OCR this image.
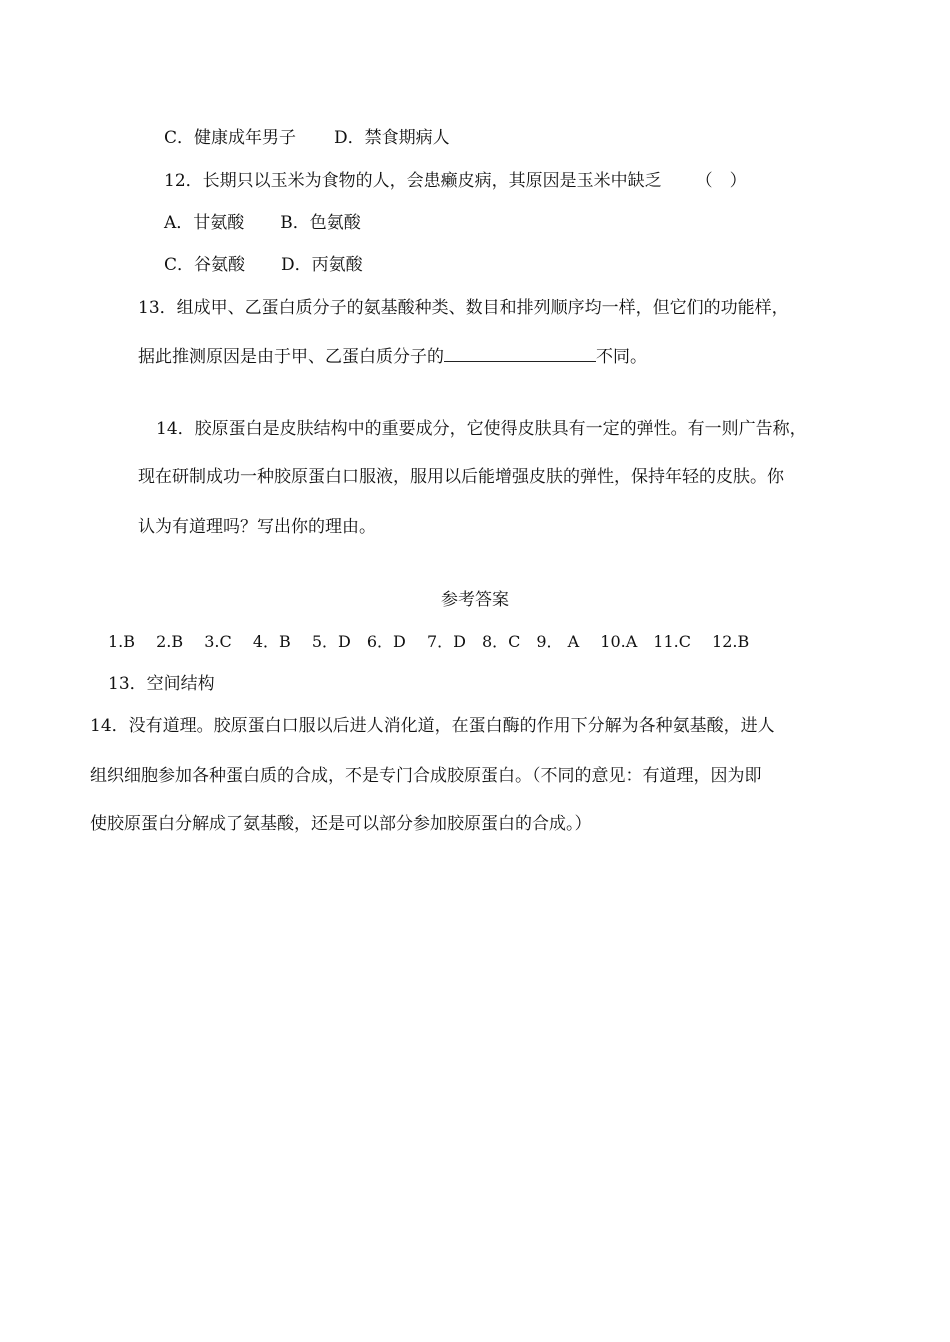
C．健康成年男子 D．禁食期病人
12．长期只以玉米为食物的人，会患癞皮病，其原因是玉米中缺乏 （　）
A．甘氨酸 B．色氨酸
C．谷氨酸 D．丙氨酸
13．组成甲、乙蛋白质分子的氨基酸种类、数目和排列顺序均一样，但它们的功能样，
据此推测原因是由于甲、乙蛋白质分子的	不同。
14．胶原蛋白是皮肤结构中的重要成分，它使得皮肤具有一定的弹性。有一则广告称，
现在研制成功一种胶原蛋白口服液，服用以后能增强皮肤的弹性，保持年轻的皮肤。你
认为有道理吗？写出你的理由。
参考答案
1.B　 2.B　 3.C　 4．B　 5．D　6．D　 7．D　8．C　9． A　 10.A　11.C　 12.B
13．空间结构
14．没有道理。胶原蛋白口服以后进人消化道，在蛋白酶的作用下分解为各种氨基酸，进人
组织细胞参加各种蛋白质的合成，不是专门合成胶原蛋白。（不同的意见：有道理，因为即
使胶原蛋白分解成了氨基酸，还是可以部分参加胶原蛋白的合成。）
